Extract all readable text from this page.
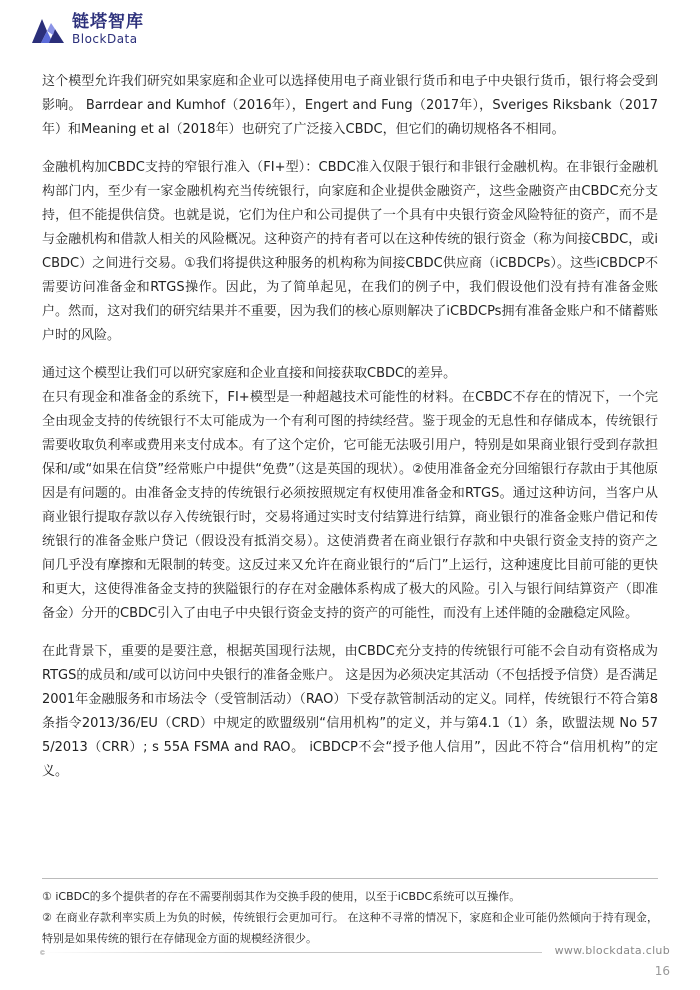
链塔智库
BlockData

这个模型允许我们研究如果家庭和企业可以选择使用电子商业银行货币和电子中央银行货币，银行将会受到影响。 Barrdear and Kumhof（2016年），Engert and Fung（2017年），Sveriges Riksbank（2017年）和Meaning et al（2018年）也研究了广泛接入CBDC，但它们的确切规格各不相同。

金融机构加CBDC支持的窄银行准入（FI+型）：CBDC准入仅限于银行和非银行金融机构。在非银行金融机构部门内，至少有一家金融机构充当传统银行，向家庭和企业提供金融资产，这些金融资产由CBDC充分支持，但不能提供信贷。也就是说，它们为住户和公司提供了一个具有中央银行资金风险特征的资产，而不是与金融机构和借款人相关的风险概况。这种资产的持有者可以在这种传统的银行资金（称为间接CBDC，或iCBDC）之间进行交易。①我们将提供这种服务的机构称为间接CBDC供应商（iCBDCPs）。这些iCBDCP不需要访问准备金和RTGS操作。因此，为了简单起见，在我们的例子中，我们假设他们没有持有准备金账户。然而，这对我们的研究结果并不重要，因为我们的核心原则解决了iCBDCPs拥有准备金账户和不储蓄账户时的风险。

通过这个模型让我们可以研究家庭和企业直接和间接获取CBDC的差异。

在只有现金和准备金的系统下，FI+模型是一种超越技术可能性的材料。在CBDC不存在的情况下，一个完全由现金支持的传统银行不太可能成为一个有利可图的持续经营。鉴于现金的无息性和存储成本，传统银行需要收取负利率或费用来支付成本。有了这个定价，它可能无法吸引用户，特别是如果商业银行受到存款担保和/或“如果在信贷”经常账户中提供“免费”（这是英国的现状）。②使用准备金充分回缩银行存款由于其他原因是有问题的。由准备金支持的传统银行必须按照规定有权使用准备金和RTGS。通过这种访问，当客户从商业银行提取存款以存入传统银行时，交易将通过实时支付结算进行结算，商业银行的准备金账户借记和传统银行的准备金账户贷记（假设没有抵消交易）。这使消费者在商业银行存款和中央银行资金支持的资产之间几乎没有摩擦和无限制的转变。这反过来又允许在商业银行的“后门”上运行，这种速度比目前可能的更快和更大，这使得准备金支持的狭隘银行的存在对金融体系构成了极大的风险。引入与银行间结算资产（即准备金）分开的CBDC引入了由电子中央银行资金支持的资产的可能性，而没有上述伴随的金融稳定风险。

在此背景下，重要的是要注意，根据英国现行法规，由CBDC充分支持的传统银行可能不会自动有资格成为RTGS的成员和/或可以访问中央银行的准备金账户。 这是因为必须决定其活动（不包括授予信贷）是否满足2001年金融服务和市场法令（受管制活动）（RAO）下受存款管制活动的定义。同样，传统银行不符合第8条指令2013/36/EU（CRD）中规定的欧盟级别“信用机构”的定义，并与第4.1（1）条，欧盟法规 No 575/2013（CRR）; s 55A FSMA and RAO。 iCBDCP不会“授予他人信用”，因此不符合“信用机构”的定义。

① iCBDC的多个提供者的存在不需要削弱其作为交换手段的使用，以至于iCBDC系统可以互操作。

② 在商业存款利率实质上为负的时候，传统银行会更加可行。 在这种不寻常的情况下，家庭和企业可能仍然倾向于持有现金，特别是如果传统的银行在存储现金方面的规模经济很少。

www.blockdata.club
16
